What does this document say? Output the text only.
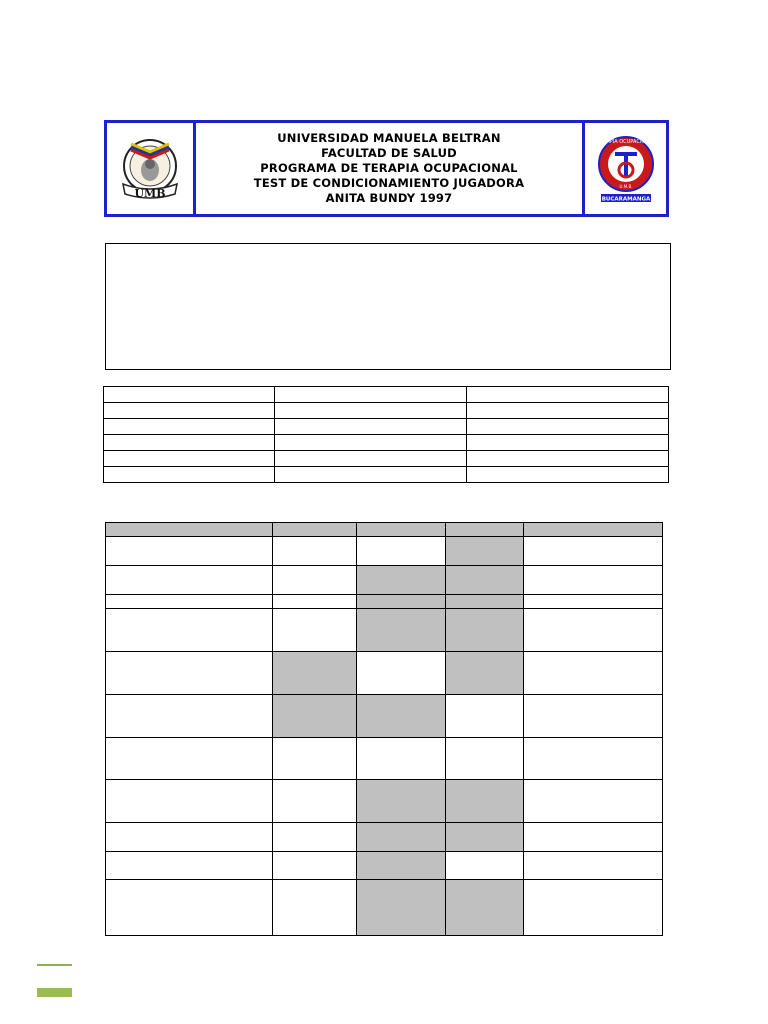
UMB
UNIVERSIDAD MANUELA BELTRAN
FACULTAD DE SALUD
PROGRAMA DE TERAPIA OCUPACIONAL
TEST DE CONDICIONAMIENTO JUGADORA
ANITA BUNDY 1997
TERAPIA OCUPACIONAL
U.M.B.
BUCARAMANGA
